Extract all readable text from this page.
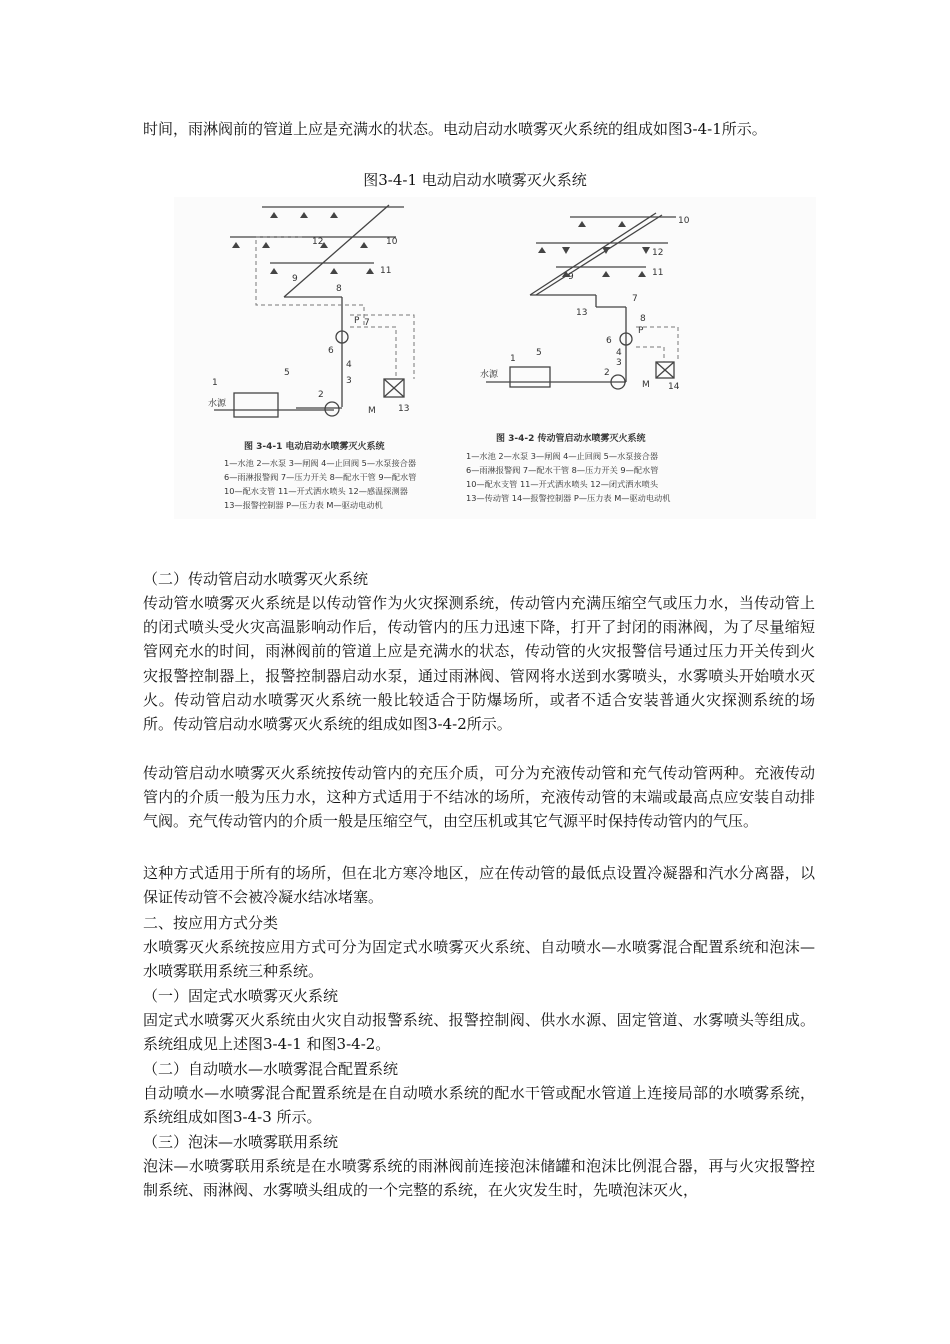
时间，雨淋阀前的管道上应是充满水的状态。电动启动水喷雾灭火系统的组成如图3-4-1所示。

图3-4-1 电动启动水喷雾灭火系统
1
2
3
4
5
6
7
8
9
10
11
12
13
P
M
水源
图 3-4-1 电动启动水喷雾灭火系统
1—水池 2—水泵 3—闸阀 4—止回阀 5—水泵接合器
6—雨淋报警阀 7—压力开关 8—配水干管 9—配水管
10—配水支管 11—开式洒水喷头 12—感温探测器
13—报警控制器 P—压力表 M—驱动电动机
1
2
3
4
5
6
7
8
9
10
11
12
13
14
P
M
水源
图 3-4-2 传动管启动水喷雾灭火系统
1—水池 2—水泵 3—闸阀 4—止回阀 5—水泵接合器
6—雨淋报警阀 7—配水干管 8—压力开关 9—配水管
10—配水支管 11—开式洒水喷头 12—闭式洒水喷头
13—传动管 14—报警控制器 P—压力表 M—驱动电动机

（二）传动管启动水喷雾灭火系统

传动管水喷雾灭火系统是以传动管作为火灾探测系统，传动管内充满压缩空气或压力水，当传动管上的闭式喷头受火灾高温影响动作后，传动管内的压力迅速下降，打开了封闭的雨淋阀，为了尽量缩短管网充水的时间，雨淋阀前的管道上应是充满水的状态，传动管的火灾报警信号通过压力开关传到火灾报警控制器上，报警控制器启动水泵，通过雨淋阀、管网将水送到水雾喷头，水雾喷头开始喷水灭火。传动管启动水喷雾灭火系统一般比较适合于防爆场所，或者不适合安装普通火灾探测系统的场所。传动管启动水喷雾灭火系统的组成如图3-4-2所示。

传动管启动水喷雾灭火系统按传动管内的充压介质，可分为充液传动管和充气传动管两种。充液传动管内的介质一般为压力水，这种方式适用于不结冰的场所，充液传动管的末端或最高点应安装自动排气阀。充气传动管内的介质一般是压缩空气，由空压机或其它气源平时保持传动管内的气压。

这种方式适用于所有的场所，但在北方寒冷地区，应在传动管的最低点设置冷凝器和汽水分离器，以保证传动管不会被冷凝水结冰堵塞。

二、按应用方式分类

水喷雾灭火系统按应用方式可分为固定式水喷雾灭火系统、自动喷水—水喷雾混合配置系统和泡沫—水喷雾联用系统三种系统。

（一）固定式水喷雾灭火系统

固定式水喷雾灭火系统由火灾自动报警系统、报警控制阀、供水水源、固定管道、水雾喷头等组成。系统组成见上述图3-4-1 和图3-4-2。

（二）自动喷水—水喷雾混合配置系统

自动喷水—水喷雾混合配置系统是在自动喷水系统的配水干管或配水管道上连接局部的水喷雾系统，系统组成如图3-4-3 所示。

（三）泡沫—水喷雾联用系统

泡沫—水喷雾联用系统是在水喷雾系统的雨淋阀前连接泡沫储罐和泡沫比例混合器，再与火灾报警控制系统、雨淋阀、水雾喷头组成的一个完整的系统，在火灾发生时，先喷泡沫灭火，
